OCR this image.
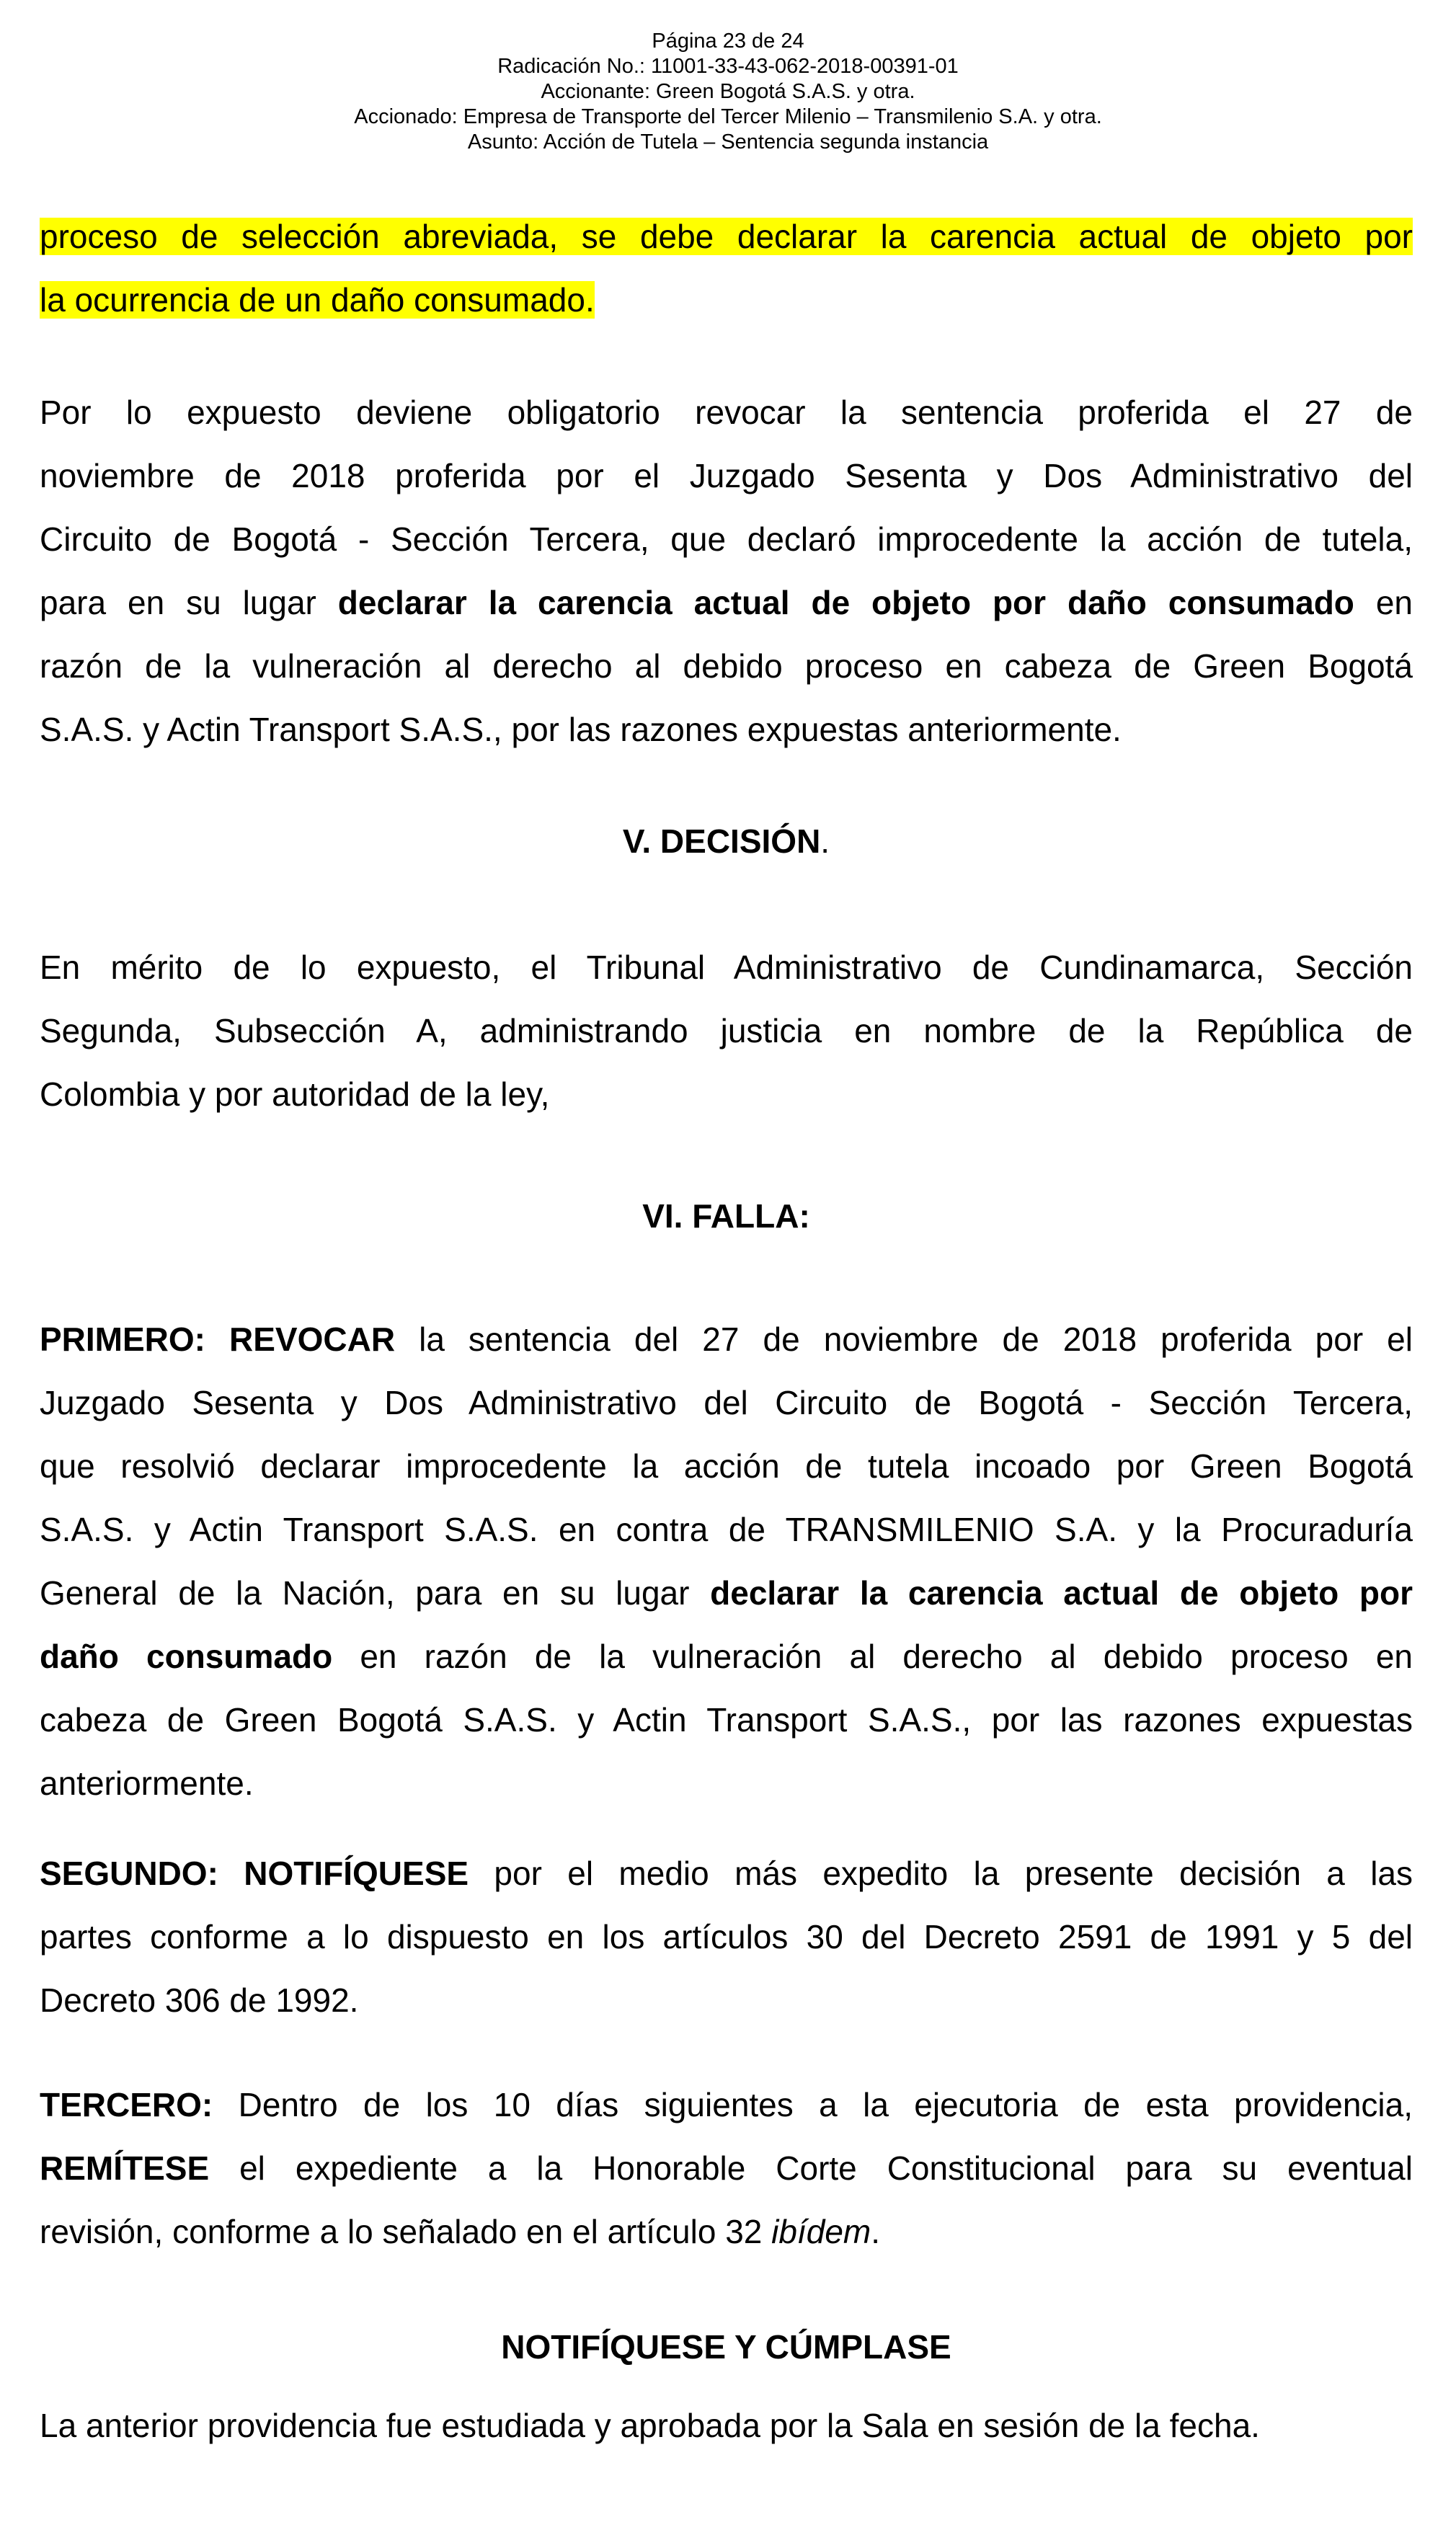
Página 23 de 24
Radicación No.: 11001-33-43-062-2018-00391-01
Accionante: Green Bogotá S.A.S. y otra.
Accionado: Empresa de Transporte del Tercer Milenio – Transmilenio S.A. y otra.
Asunto: Acción de Tutela – Sentencia segunda instancia
proceso de selección abreviada, se debe declarar la carencia actual de objeto por
la ocurrencia de un daño consumado.
Por lo expuesto deviene obligatorio revocar la sentencia proferida el 27 de
noviembre de 2018 proferida por el Juzgado Sesenta y Dos Administrativo del
Circuito de Bogotá - Sección Tercera, que declaró improcedente la acción de tutela,
para en su lugar declarar la carencia actual de objeto por daño consumado en
razón de la vulneración al derecho al debido proceso en cabeza de Green Bogotá
S.A.S. y Actin Transport S.A.S., por las razones expuestas anteriormente.
V. DECISIÓN.
En mérito de lo expuesto, el Tribunal Administrativo de Cundinamarca, Sección
Segunda, Subsección A, administrando justicia en nombre de la República de
Colombia y por autoridad de la ley,
VI. FALLA:
PRIMERO: REVOCAR la sentencia del 27 de noviembre de 2018 proferida por el
Juzgado Sesenta y Dos Administrativo del Circuito de Bogotá - Sección Tercera,
que resolvió declarar improcedente la acción de tutela incoado por Green Bogotá
S.A.S. y Actin Transport S.A.S. en contra de TRANSMILENIO S.A. y la Procuraduría
General de la Nación, para en su lugar declarar la carencia actual de objeto por
daño consumado en razón de la vulneración al derecho al debido proceso en
cabeza de Green Bogotá S.A.S. y Actin Transport S.A.S., por las razones expuestas
anteriormente.
SEGUNDO: NOTIFÍQUESE por el medio más expedito la presente decisión a las
partes conforme a lo dispuesto en los artículos 30 del Decreto 2591 de 1991 y 5 del
Decreto 306 de 1992.
TERCERO: Dentro de los 10 días siguientes a la ejecutoria de esta providencia,
REMÍTESE el expediente a la Honorable Corte Constitucional para su eventual
revisión, conforme a lo señalado en el artículo 32 ibídem.
NOTIFÍQUESE Y CÚMPLASE
La anterior providencia fue estudiada y aprobada por la Sala en sesión de la fecha.
